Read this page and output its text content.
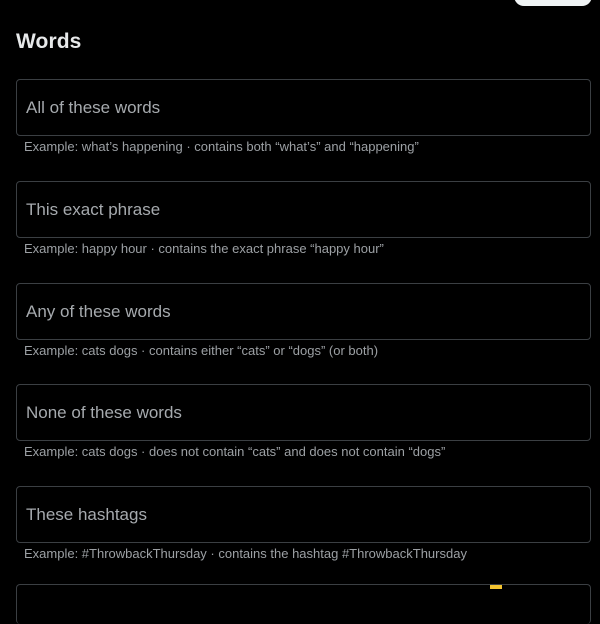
Words
All of these words
Example: what’s happening · contains both “what’s” and “happening”
This exact phrase
Example: happy hour · contains the exact phrase “happy hour”
Any of these words
Example: cats dogs · contains either “cats” or “dogs” (or both)
None of these words
Example: cats dogs · does not contain “cats” and does not contain “dogs”
These hashtags
Example: #ThrowbackThursday · contains the hashtag #ThrowbackThursday
